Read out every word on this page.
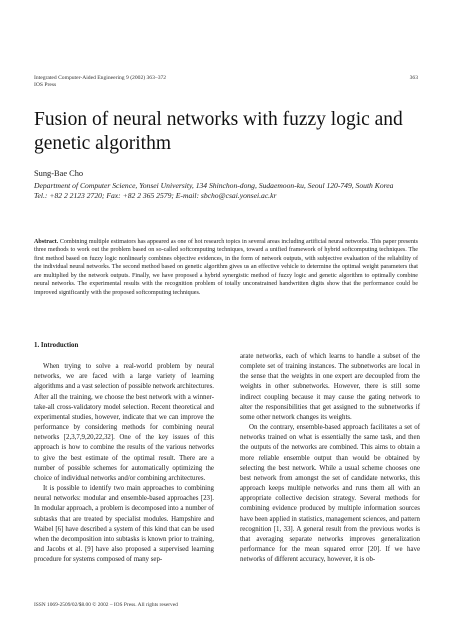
Integrated Computer-Aided Engineering 9 (2002) 363–372
IOS Press
363
Fusion of neural networks with fuzzy logic and genetic algorithm
Sung-Bae Cho
Department of Computer Science, Yonsei University, 134 Shinchon-dong, Sudaemoon-ku, Seoul 120-749, South Korea
Tel.: +82 2 2123 2720; Fax: +82 2 365 2579; E-mail: sbcho@csai.yonsei.ac.kr
Abstract. Combining multiple estimators has appeared as one of hot research topics in several areas including artificial neural networks. This paper presents three methods to work out the problem based on so-called softcomputing techniques, toward a unified framework of hybrid softcomputing techniques. The first method based on fuzzy logic nonlinearly combines objective evidences, in the form of network outputs, with subjective evaluation of the reliability of the individual neural networks. The second method based on genetic algorithm gives us an effective vehicle to determine the optimal weight parameters that are multiplied by the network outputs. Finally, we have proposed a hybrid synergistic method of fuzzy logic and genetic algorithm to optimally combine neural networks. The experimental results with the recognition problem of totally unconstrained handwritten digits show that the performance could be improved significantly with the proposed softcomputing techniques.
1. Introduction

When trying to solve a real-world problem by neural networks, we are faced with a large variety of learning algorithms and a vast selection of possible network architectures. After all the training, we choose the best network with a winner-take-all cross-validatory model selection. Recent theoretical and experimental studies, however, indicate that we can improve the performance by considering methods for combining neural networks [2,3,7,9,20,22,32]. One of the key issues of this approach is how to combine the results of the various networks to give the best estimate of the optimal result. There are a number of possible schemes for automatically optimizing the choice of individual networks and/or combining architectures.

It is possible to identify two main approaches to combining neural networks: modular and ensemble-based approaches [23]. In modular approach, a problem is decomposed into a number of subtasks that are treated by specialist modules. Hampshire and Waibel [6] have described a system of this kind that can be used when the decomposition into subtasks is known prior to training, and Jacobs et al. [9] have also proposed a supervised learning procedure for systems composed of many sep-

arate networks, each of which learns to handle a subset of the complete set of training instances. The subnetworks are local in the sense that the weights in one expert are decoupled from the weights in other subnetworks. However, there is still some indirect coupling because it may cause the gating network to alter the responsibilities that get assigned to the subnetworks if some other network changes its weights.

On the contrary, ensemble-based approach facilitates a set of networks trained on what is essentially the same task, and then the outputs of the networks are combined. This aims to obtain a more reliable ensemble output than would be obtained by selecting the best network. While a usual scheme chooses one best network from amongst the set of candidate networks, this approach keeps multiple networks and runs them all with an appropriate collective decision strategy. Several methods for combining evidence produced by multiple information sources have been applied in statistics, management sciences, and pattern recognition [1, 33]. A general result from the previous works is that averaging separate networks improves generalization performance for the mean squared error [20]. If we have networks of different accuracy, however, it is ob-

ISSN 1069-2509/02/$8.00 © 2002 – IOS Press. All rights reserved
